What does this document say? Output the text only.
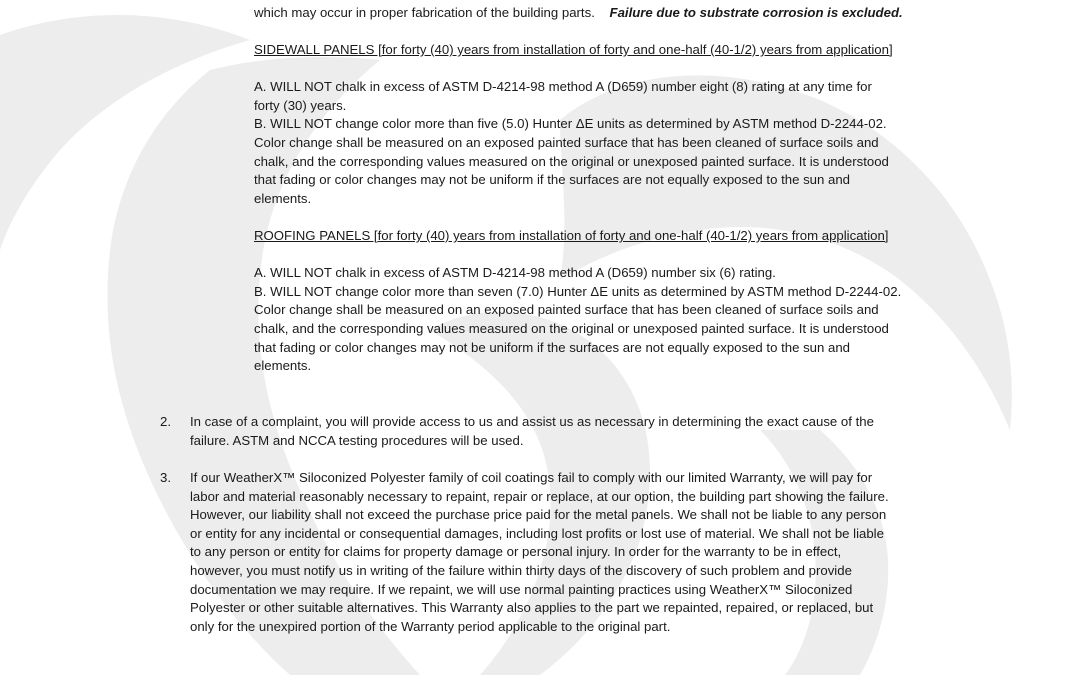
which may occur in proper fabrication of the building parts. Failure due to substrate corrosion is excluded.
SIDEWALL PANELS [for forty (40) years from installation of forty and one-half (40-1/2) years from application]
A. WILL NOT chalk in excess of ASTM D-4214-98 method A (D659) number eight (8) rating at any time for
forty (30) years.
B. WILL NOT change color more than five (5.0) Hunter ΔE units as determined by ASTM method D-2244-02.
Color change shall be measured on an exposed painted surface that has been cleaned of surface soils and
chalk, and the corresponding values measured on the original or unexposed painted surface. It is understood
that fading or color changes may not be uniform if the surfaces are not equally exposed to the sun and
elements.
ROOFING PANELS [for forty (40) years from installation of forty and one-half (40-1/2) years from application]
A. WILL NOT chalk in excess of ASTM D-4214-98 method A (D659) number six (6) rating.
B. WILL NOT change color more than seven (7.0) Hunter ΔE units as determined by ASTM method D-2244-02.
Color change shall be measured on an exposed painted surface that has been cleaned of surface soils and
chalk, and the corresponding values measured on the original or unexposed painted surface. It is understood
that fading or color changes may not be uniform if the surfaces are not equally exposed to the sun and
elements.
2. In case of a complaint, you will provide access to us and assist us as necessary in determining the exact cause of the
failure. ASTM and NCCA testing procedures will be used.
3. If our WeatherX™ Siloconized Polyester family of coil coatings fail to comply with our limited Warranty, we will pay for
labor and material reasonably necessary to repaint, repair or replace, at our option, the building part showing the failure.
However, our liability shall not exceed the purchase price paid for the metal panels. We shall not be liable to any person
or entity for any incidental or consequential damages, including lost profits or lost use of material. We shall not be liable
to any person or entity for claims for property damage or personal injury. In order for the warranty to be in effect,
however, you must notify us in writing of the failure within thirty days of the discovery of such problem and provide
documentation we may require. If we repaint, we will use normal painting practices using WeatherX™ Siloconized
Polyester or other suitable alternatives. This Warranty also applies to the part we repainted, repaired, or replaced, but
only for the unexpired portion of the Warranty period applicable to the original part.
